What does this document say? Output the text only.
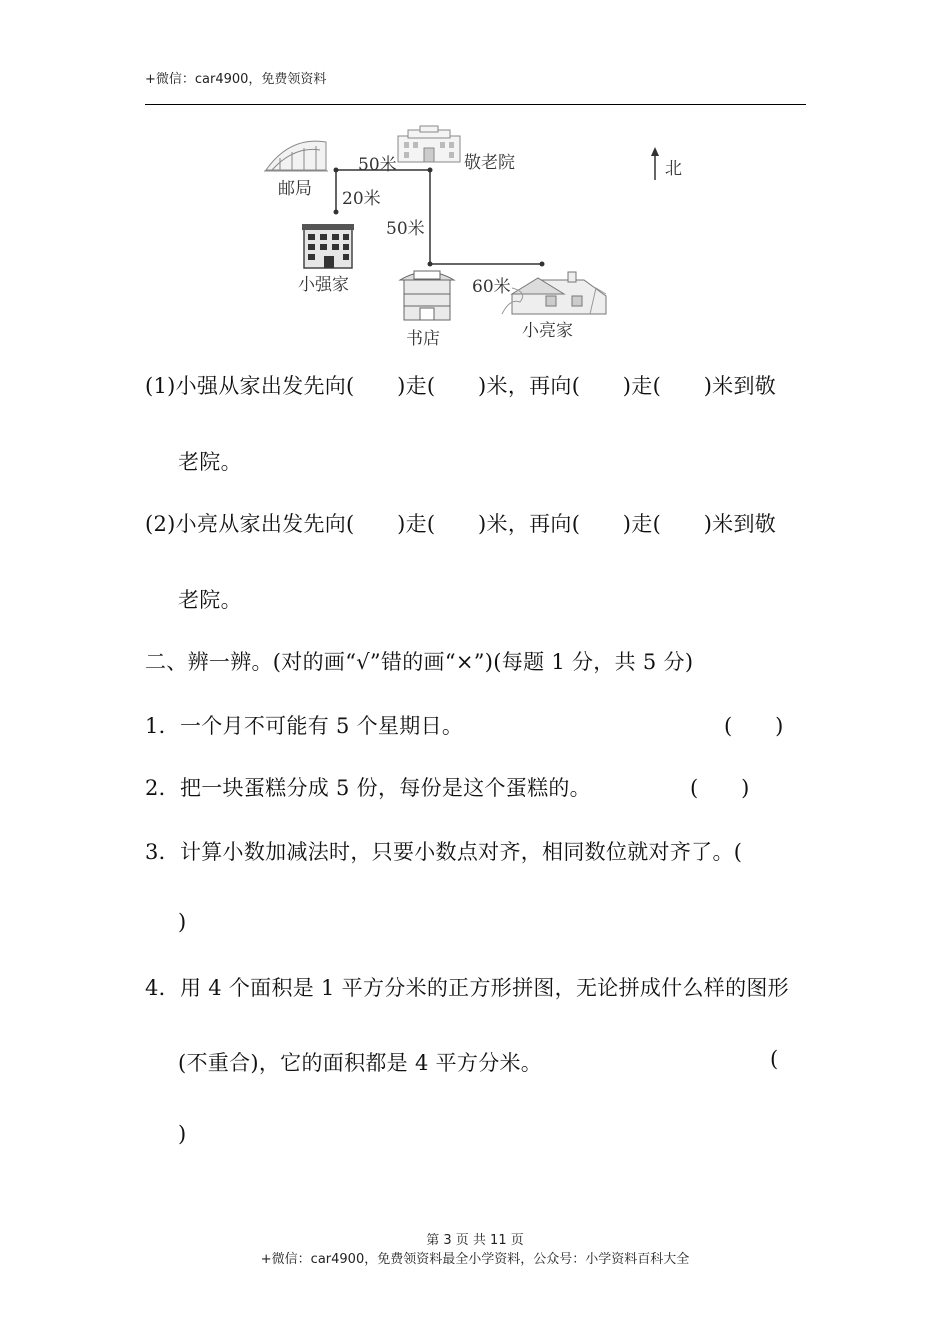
+微信：car4900，免费领资料
邮局
敬老院
小强家
书店	小亮家
北
50米
20米
50米
60米
(1)小强从家出发先向(　　)走(　　)米，再向(　　)走(　　)米到敬
老院。
(2)小亮从家出发先向(　　)走(　　)米，再向(　　)走(　　)米到敬
老院。
二、辨一辨。(对的画“√”错的画“×”)(每题 1 分，共 5 分)
1．一个月不可能有 5 个星期日。	(　　)
2．把一块蛋糕分成 5 份，每份是这个蛋糕的。	(　　)
3．计算小数加减法时，只要小数点对齐，相同数位就对齐了。(
)
4．用 4 个面积是 1 平方分米的正方形拼图，无论拼成什么样的图形
(不重合)，它的面积都是 4 平方分米。	(
)
第 3 页 共 11 页
+微信：car4900，免费领资料最全小学资料，公众号：小学资料百科大全
